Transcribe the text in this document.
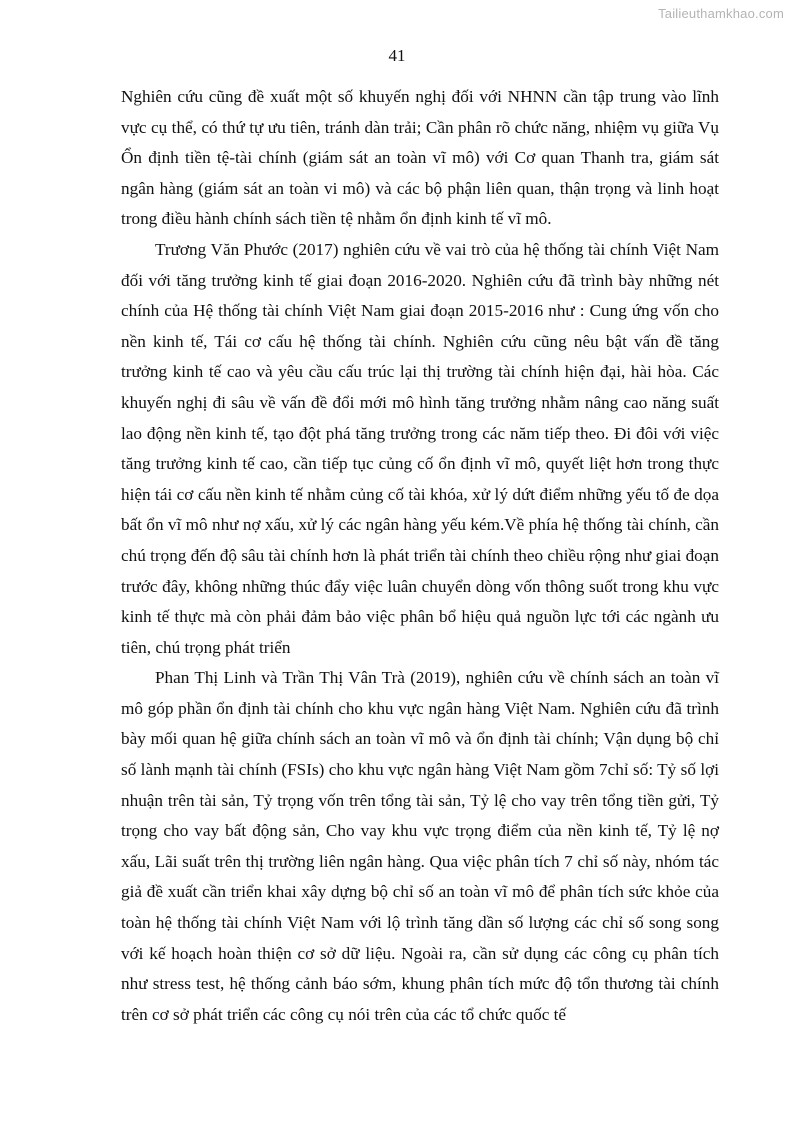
Tailieuthamkhao.com
41

Nghiên cứu cũng đề xuất một số khuyến nghị đối với NHNN cần tập trung vào lĩnh vực cụ thể, có thứ tự ưu tiên, tránh dàn trải; Cần phân rõ chức năng, nhiệm vụ giữa Vụ Ổn định tiền tệ-tài chính (giám sát an toàn vĩ mô) với Cơ quan Thanh tra, giám sát ngân hàng (giám sát an toàn vi mô) và các bộ phận liên quan, thận trọng và linh hoạt trong điều hành chính sách tiền tệ nhằm ổn định kinh tế vĩ mô.

Trương Văn Phước (2017) nghiên cứu về vai trò của hệ thống tài chính Việt Nam đối với tăng trưởng kinh tế giai đoạn 2016-2020. Nghiên cứu đã trình bày những nét chính của Hệ thống tài chính Việt Nam giai đoạn 2015-2016 như : Cung ứng vốn cho nền kinh tế, Tái cơ cấu hệ thống tài chính. Nghiên cứu cũng nêu bật vấn đề tăng trưởng kinh tế cao và yêu cầu cấu trúc lại thị trường tài chính hiện đại, hài hòa. Các khuyến nghị đi sâu về vấn đề đổi mới mô hình tăng trưởng nhằm nâng cao năng suất lao động nền kinh tế, tạo đột phá tăng trưởng trong các năm tiếp theo. Đi đôi với việc tăng trưởng kinh tế cao, cần tiếp tục củng cố ổn định vĩ mô, quyết liệt hơn trong thực hiện tái cơ cấu nền kinh tế nhằm củng cố tài khóa, xử lý dứt điểm những yếu tố đe dọa bất ổn vĩ mô như nợ xấu, xử lý các ngân hàng yếu kém.Về phía hệ thống tài chính, cần chú trọng đến độ sâu tài chính hơn là phát triển tài chính theo chiều rộng như giai đoạn trước đây, không những thúc đẩy việc luân chuyển dòng vốn thông suốt trong khu vực kinh tế thực mà còn phải đảm bảo việc phân bổ hiệu quả nguồn lực tới các ngành ưu tiên, chú trọng phát triển

Phan Thị Linh và Trần Thị Vân Trà (2019), nghiên cứu về chính sách an toàn vĩ mô góp phần ổn định tài chính cho khu vực ngân hàng Việt Nam. Nghiên cứu đã trình bày mối quan hệ giữa chính sách an toàn vĩ mô và ổn định tài chính; Vận dụng bộ chỉ số lành mạnh tài chính (FSIs) cho khu vực ngân hàng Việt Nam gồm 7chỉ số: Tỷ số lợi nhuận trên tài sản, Tỷ trọng vốn trên tổng tài sản, Tỷ lệ cho vay trên tổng tiền gửi, Tỷ trọng cho vay bất động sản, Cho vay khu vực trọng điểm của nền kinh tế, Tỷ lệ nợ xấu, Lãi suất trên thị trường liên ngân hàng. Qua việc phân tích 7 chỉ số này, nhóm tác giả đề xuất cần triển khai xây dựng bộ chỉ số an toàn vĩ mô để phân tích sức khỏe của toàn hệ thống tài chính Việt Nam với lộ trình tăng dần số lượng các chỉ số song song với kế hoạch hoàn thiện cơ sở dữ liệu. Ngoài ra, cần sử dụng các công cụ phân tích như stress test, hệ thống cảnh báo sớm, khung phân tích mức độ tổn thương tài chính trên cơ sở phát triển các công cụ nói trên của các tổ chức quốc tế
